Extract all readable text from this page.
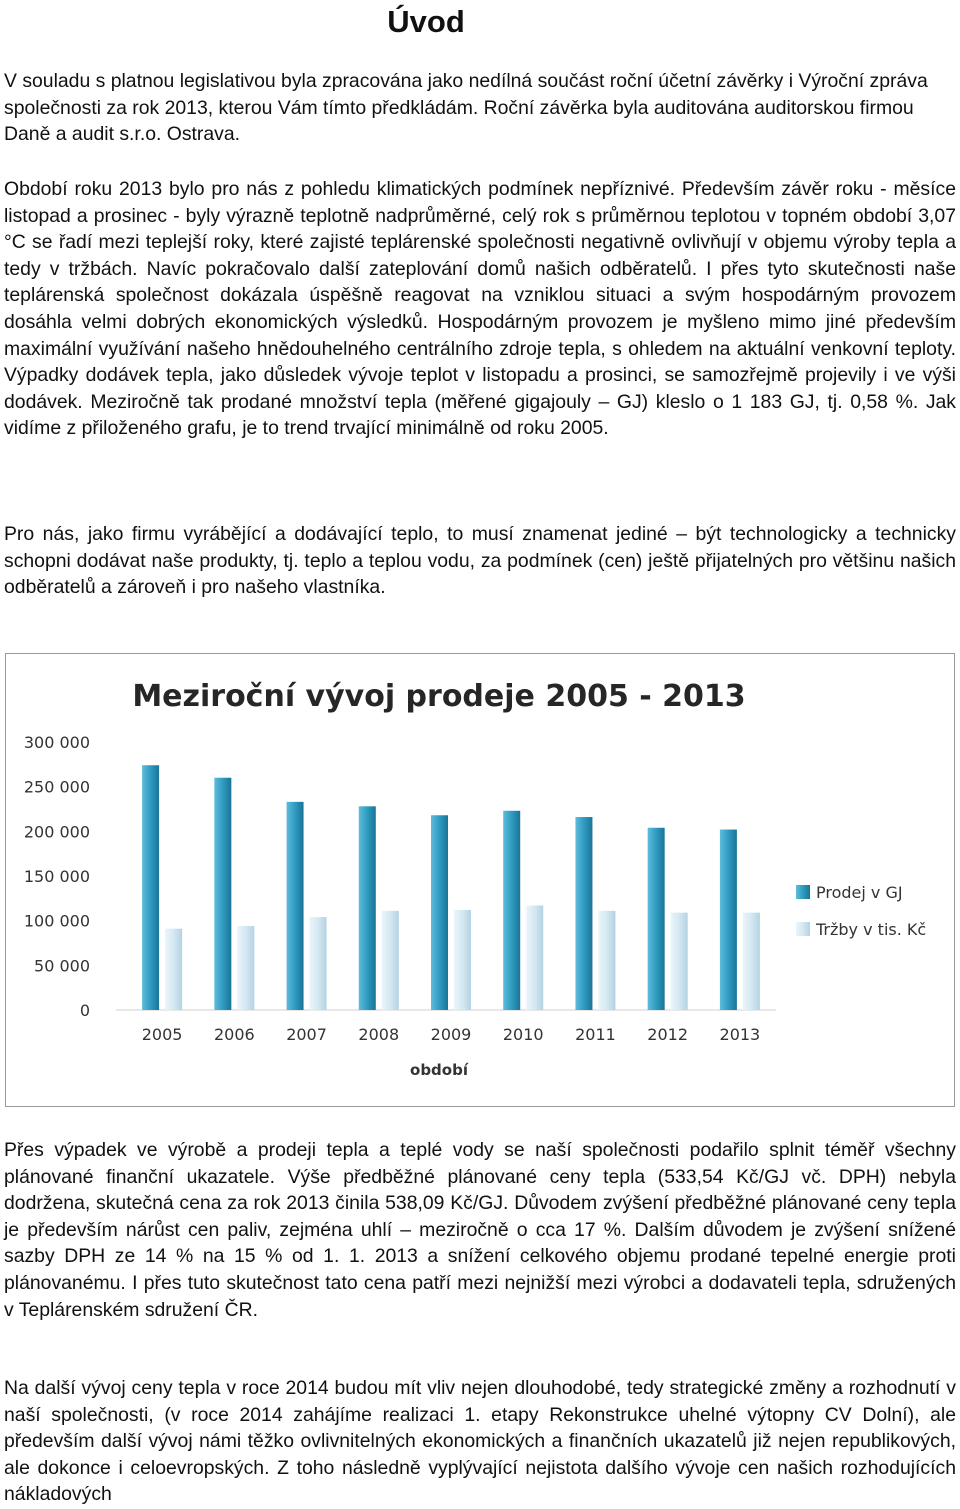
Úvod

V souladu s platnou legislativou byla zpracována jako nedílná součást roční účetní závěrky i Výroční zpráva společnosti za rok 2013, kterou Vám tímto předkládám. Roční závěrka byla auditována auditorskou firmou Daně a audit s.r.o. Ostrava.

Období roku 2013 bylo pro nás z pohledu klimatických podmínek nepříznivé. Především závěr roku - měsíce listopad a prosinec - byly výrazně teplotně nadprůměrné, celý rok s průměrnou teplotou v topném období 3,07 °C se řadí mezi teplejší roky, které zajisté teplárenské společnosti negativně ovlivňují v objemu výroby tepla a tedy v tržbách. Navíc pokračovalo další zateplování domů našich odběratelů. I přes tyto skutečnosti naše teplárenská společnost dokázala úspěšně reagovat na vzniklou situaci a svým hospodárným provozem dosáhla velmi dobrých ekonomických výsledků. Hospodárným provozem je myšleno mimo jiné především maximální využívání našeho hnědouhelného centrálního zdroje tepla, s ohledem na aktuální venkovní teploty. Výpadky dodávek tepla, jako důsledek vývoje teplot v listopadu a prosinci, se samozřejmě projevily i ve výši dodávek. Meziročně tak prodané množství tepla (měřené gigajouly – GJ) kleslo o 1 183 GJ, tj. 0,58 %. Jak vidíme z přiloženého grafu, je to trend trvající minimálně od roku 2005.

Pro nás, jako firmu vyrábějící a dodávající teplo, to musí znamenat jediné – být technologicky a technicky schopni dodávat naše produkty, tj. teplo a teplou vodu, za podmínek (cen) ještě přijatelných pro většinu našich odběratelů a zároveň i pro našeho vlastníka.

Meziroční vývoj prodeje 2005 - 2013
období
0
50 000
100 000
150 000
200 000
250 000
300 000
2005 2006 2007 2008 2009 2010 2011 2012 2013
Prodej v GJ
Tržby v tis. Kč

Přes výpadek ve výrobě a prodeji tepla a teplé vody se naší společnosti podařilo splnit téměř všechny plánované finanční ukazatele. Výše předběžné plánované ceny tepla (533,54 Kč/GJ vč. DPH) nebyla dodržena, skutečná cena za rok 2013 činila 538,09 Kč/GJ. Důvodem zvýšení předběžné plánované ceny tepla je především nárůst cen paliv, zejména uhlí – meziročně o cca 17 %. Dalším důvodem je zvýšení snížené sazby DPH ze 14 % na 15 % od 1. 1. 2013 a snížení celkového objemu prodané tepelné energie proti plánovanému. I přes tuto skutečnost tato cena patří mezi nejnižší mezi výrobci a dodavateli tepla, sdružených v Teplárenském sdružení ČR.

Na další vývoj ceny tepla v roce 2014 budou mít vliv nejen dlouhodobé, tedy strategické změny a rozhodnutí v naší společnosti, (v roce 2014 zahájíme realizaci 1. etapy Rekonstrukce uhelné výtopny CV Dolní), ale především další vývoj námi těžko ovlivnitelných ekonomických a finančních ukazatelů již nejen republikových, ale dokonce i celoevropských. Z toho následně vyplývající nejistota dalšího vývoje cen našich rozhodujících nákladových
